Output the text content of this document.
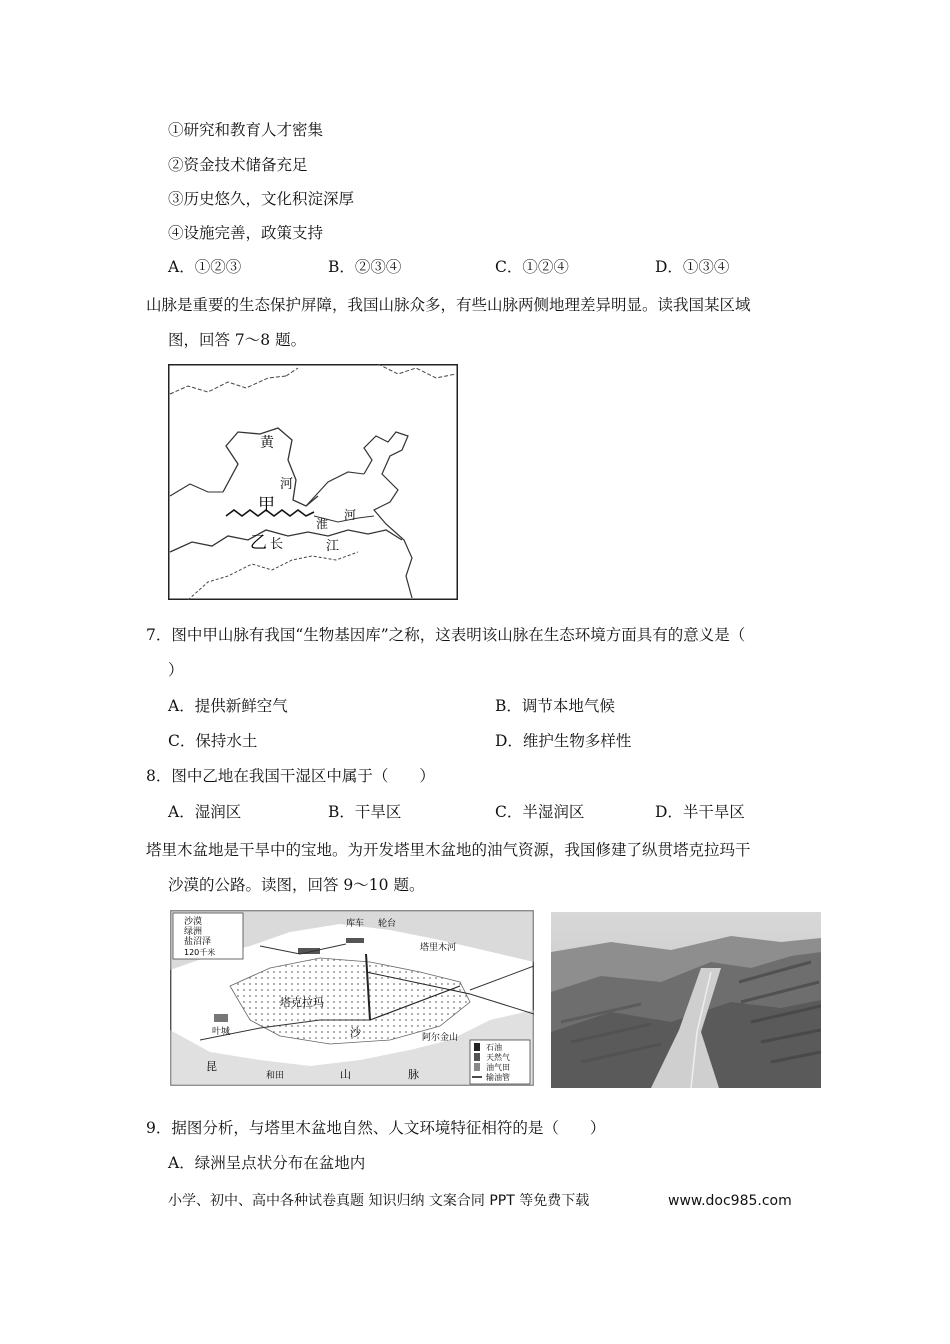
①研究和教育人才密集
②资金技术储备充足
③历史悠久，文化积淀深厚
④设施完善，政策支持
A．①②③	B．②③④	C．①②④	D．①③④
山脉是重要的生态保护屏障，我国山脉众多，有些山脉两侧地理差异明显。读我国某区域
图，回答 7～8 题。
黄
河
甲
乙
淮
河
长	江
7．图中甲山脉有我国“生物基因库”之称，这表明该山脉在生态环境方面具有的意义是（
）
A．提供新鲜空气	B．调节本地气候
C．保持水土	D．维护生物多样性
8．图中乙地在我国干湿区中属于（　　）
A．湿润区	B．干旱区	C．半湿润区	D．半干旱区
塔里木盆地是干旱中的宝地。为开发塔里木盆地的油气资源，我国修建了纵贯塔克拉玛干
沙漠的公路。读图，回答 9～10 题。
沙漠
绿洲
盐沼泽
120千米
库车 轮台
塔里木河
塔克拉玛
沙
山	脉
和田
昆
叶城
阿尔金山
石油
天然气
油气田
输油管
9．据图分析，与塔里木盆地自然、人文环境特征相符的是（　　）
A．绿洲呈点状分布在盆地内
小学、初中、高中各种试卷真题 知识归纳 文案合同 PPT 等免费下载	www.doc985.com
